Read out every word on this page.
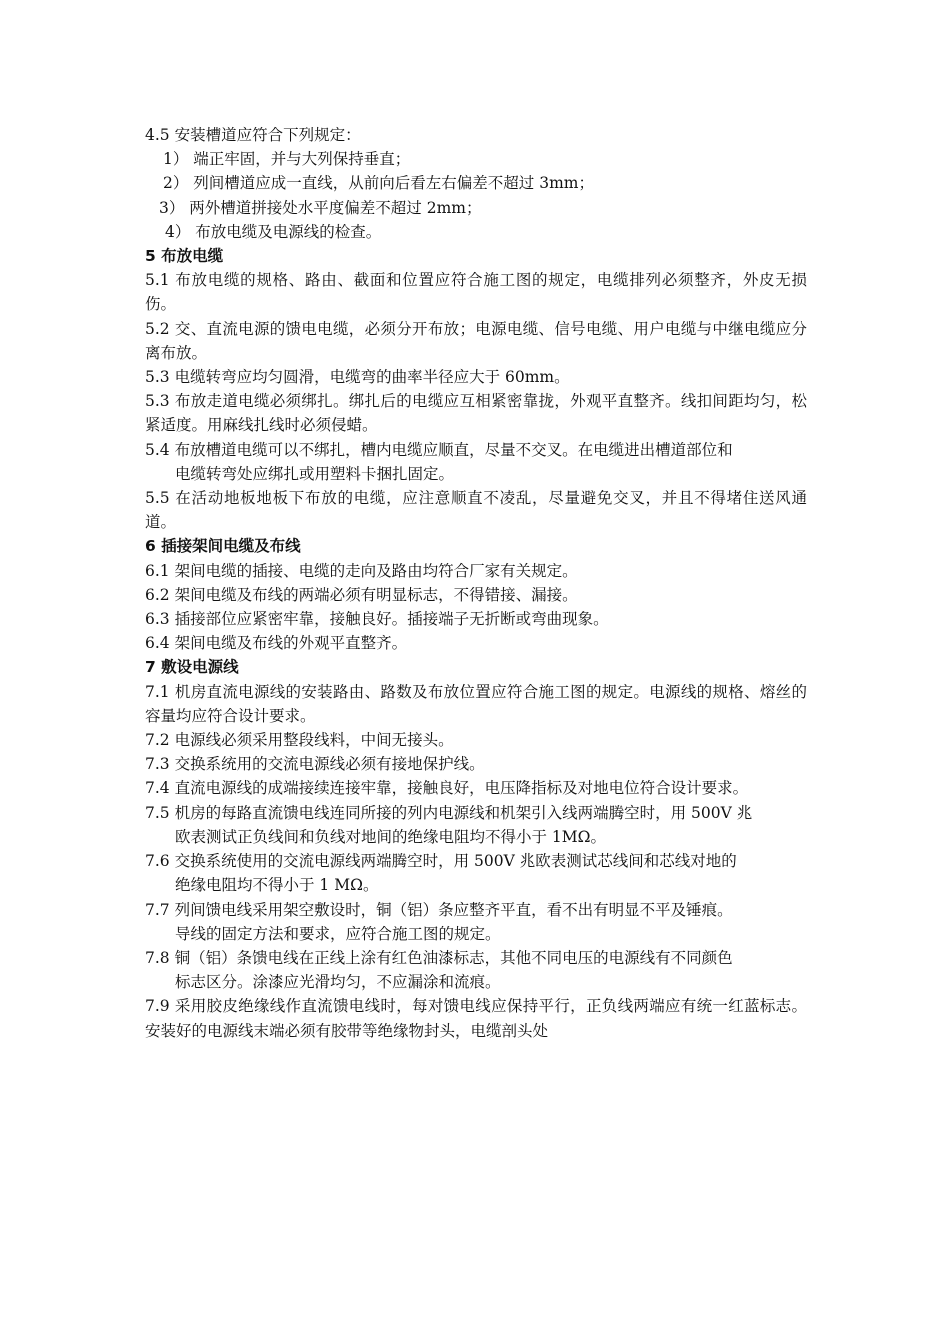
4.5 安装槽道应符合下列规定：

1） 端正牢固，并与大列保持垂直；

2） 列间槽道应成一直线，从前向后看左右偏差不超过 3mm；

3） 两外槽道拼接处水平度偏差不超过 2mm；

4） 布放电缆及电源线的检查。

5 布放电缆

5.1 布放电缆的规格、路由、截面和位置应符合施工图的规定，电缆排列必须整齐，外皮无损伤。

5.2 交、直流电源的馈电电缆，必须分开布放；电源电缆、信号电缆、用户电缆与中继电缆应分离布放。

5.3 电缆转弯应均匀圆滑，电缆弯的曲率半径应大于 60mm。

5.3 布放走道电缆必须绑扎。绑扎后的电缆应互相紧密靠拢，外观平直整齐。线扣间距均匀，松紧适度。用麻线扎线时必须侵蜡。

5.4 布放槽道电缆可以不绑扎，槽内电缆应顺直，尽量不交叉。在电缆进出槽道部位和

电缆转弯处应绑扎或用塑料卡捆扎固定。

5.5 在活动地板地板下布放的电缆，应注意顺直不凌乱，尽量避免交叉，并且不得堵住送风通道。

6 插接架间电缆及布线

6.1 架间电缆的插接、电缆的走向及路由均符合厂家有关规定。

6.2 架间电缆及布线的两端必须有明显标志，不得错接、漏接。

6.3 插接部位应紧密牢靠，接触良好。插接端子无折断或弯曲现象。

6.4 架间电缆及布线的外观平直整齐。

7 敷设电源线

7.1 机房直流电源线的安装路由、路数及布放位置应符合施工图的规定。电源线的规格、熔丝的容量均应符合设计要求。

7.2 电源线必须采用整段线料，中间无接头。

7.3 交换系统用的交流电源线必须有接地保护线。

7.4 直流电源线的成端接续连接牢靠，接触良好，电压降指标及对地电位符合设计要求。

7.5 机房的每路直流馈电线连同所接的列内电源线和机架引入线两端腾空时，用 500V 兆

欧表测试正负线间和负线对地间的绝缘电阻均不得小于 1MΩ。

7.6 交换系统使用的交流电源线两端腾空时，用 500V 兆欧表测试芯线间和芯线对地的

绝缘电阻均不得小于 1 MΩ。

7.7 列间馈电线采用架空敷设时，铜（铝）条应整齐平直，看不出有明显不平及锤痕。

导线的固定方法和要求，应符合施工图的规定。

7.8 铜（铝）条馈电线在正线上涂有红色油漆标志，其他不同电压的电源线有不同颜色

标志区分。涂漆应光滑均匀，不应漏涂和流痕。

7.9 采用胶皮绝缘线作直流馈电线时，每对馈电线应保持平行，正负线两端应有统一红蓝标志。安装好的电源线末端必须有胶带等绝缘物封头，电缆剖头处
